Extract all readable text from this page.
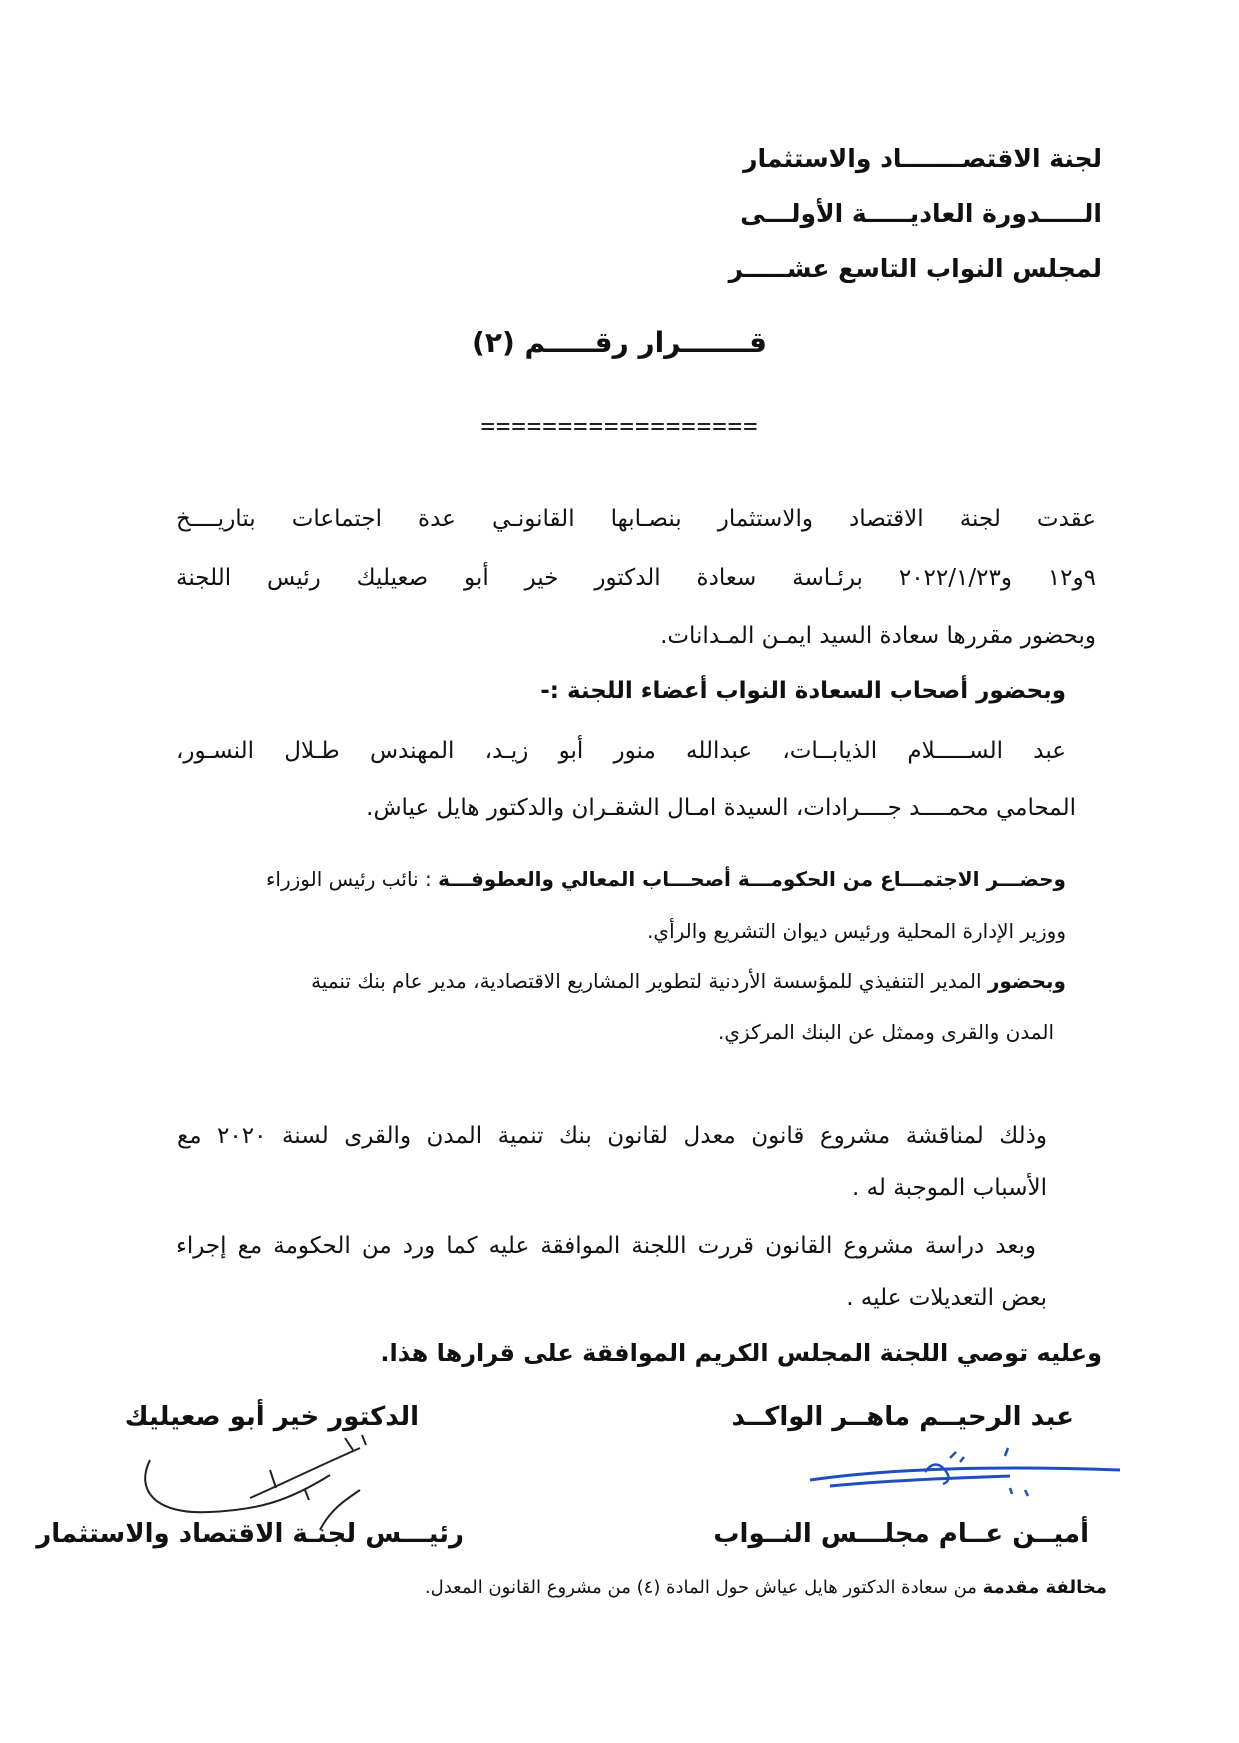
لجنة الاقتصـــــــاد والاستثمار
الـــــدورة العاديـــــة الأولـــى
لمجلس النواب التاسع عشـــــر
قـــــــرار رقـــــم (٢)
==================
عقدت لجنة الاقتصاد والاستثمار بنصـابها القانونـي عدة اجتماعات بتاريــــخ
٩و١٢ و٢٠٢٢/١/٢٣ برئـاسة سعادة الدكتور خير أبو صعيليك رئيس اللجنة
وبحضور مقررها سعادة السيد ايمـن المـدانات.
وبحضور أصحاب السعادة النواب أعضاء اللجنة :-
عبد الســـــلام الذيابــات، عبدالله منور أبو زيـد، المهندس طـلال النسـور،
المحامي محمــــد جــــرادات، السيدة امـال الشقـران والدكتور هايل عياش.
وحضـــر الاجتمـــاع من الحكومـــة أصحـــاب المعالي والعطوفـــة : نائب رئيس الوزراء
ووزير الإدارة المحلية ورئيس ديوان التشريع والرأي.
وبحضور المدير التنفيذي للمؤسسة الأردنية لتطوير المشاريع الاقتصادية، مدير عام بنك تنمية
المدن والقرى وممثل عن البنك المركزي.
وذلك لمناقشة مشروع قانون معدل لقانون بنك تنمية المدن والقرى لسنة ٢٠٢٠ مع
الأسباب الموجبة له .
وبعد دراسة مشروع القانون قررت اللجنة الموافقة عليه كما ورد من الحكومة مع إجراء
بعض التعديلات عليه .
وعليه توصي اللجنة المجلس الكريم الموافقة على قرارها هذا.
عبد الرحيــم ماهــر الواكــد
الدكتور خير أبو صعيليك
أميــن عــام مجلـــس النــواب
رئيـــس لجنـة الاقتصاد والاستثمار
مخالفة مقدمة من سعادة الدكتور هايل عياش حول المادة (٤) من مشروع القانون المعدل.
